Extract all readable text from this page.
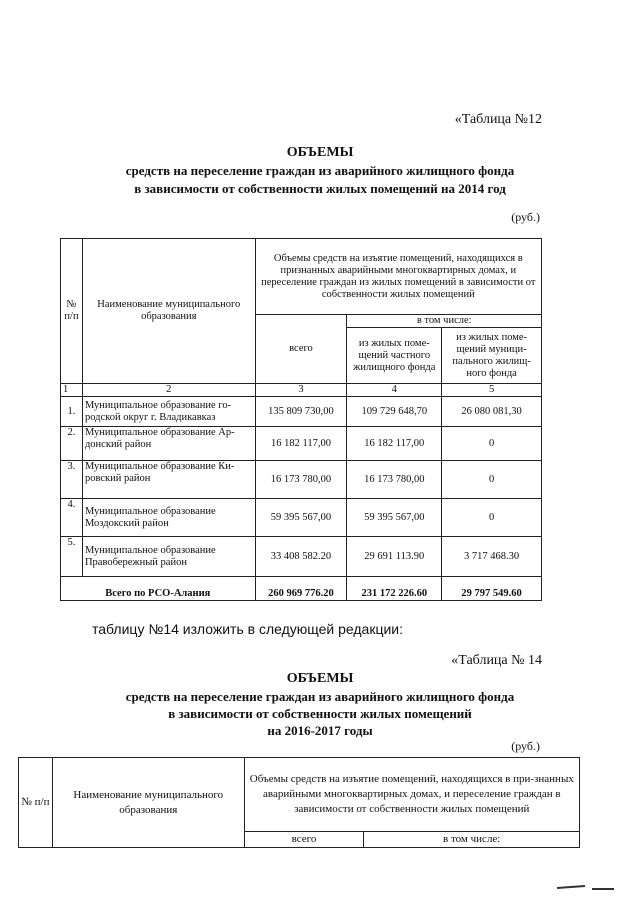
«Таблица №12
ОБЪЕМЫ
средств на переселение граждан из аварийного жилищного фонда
в зависимости от собственности жилых помещений на 2014 год
(руб.)
№ п/п	Наименование муниципального образования	Объемы средств на изъятие помещений, находящихся в признанных аварийными многоквартирных домах, и переселение граждан из жилых помещений в зависимости от собственности жилых помещений		
		всего	в том числе:	
			из жилых поме-щений частного жилищного фонда	из жилых поме-щений муници-пального жилищ-ного фонда
1	2	3	4	5
1.	Муниципальное образование го-родской округ г. Владикавказ	135 809 730,00	109 729 648,70	26 080 081,30
2.	Муниципальное образование Ар-донский район	16 182 117,00	16 182 117,00	0
3.	Муниципальное образование Ки-ровский район	16 173 780,00	16 173 780,00	0
4.	Муниципальное образование Моздокский район	59 395 567,00	59 395 567,00	0
5.	Муниципальное образование Правобережный район	33 408 582.20	29 691 113.90	3 717 468.30
Всего по РСО-Алания		260 969 776.20	231 172 226.60	29 797 549.60
таблицу №14 изложить в следующей редакции:
«Таблица № 14
ОБЪЕМЫ
средств на переселение граждан из аварийного жилищного фонда
в зависимости от собственности жилых помещений
на 2016-2017 годы
(руб.)
№ п/п	Наименование муниципального образования	Объемы средств на изъятие помещений, находящихся в при-знанных аварийными многоквартирных домах, и переселение граждан в зависимости от собственности жилых помещений	
		всего	в том числе:
